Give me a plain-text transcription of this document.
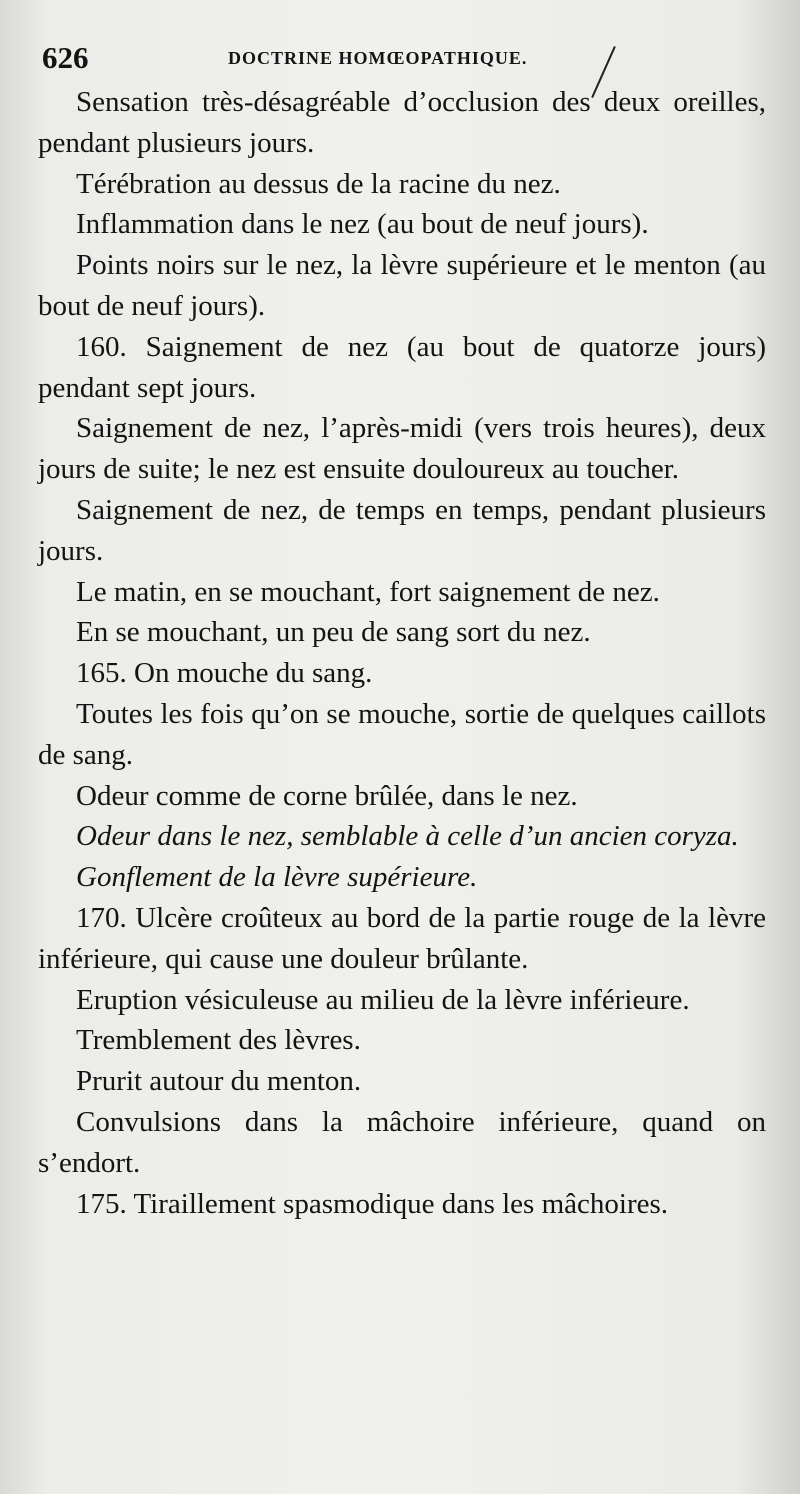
626	DOCTRINE HOMŒOPATHIQUE.

Sensation très-désagréable d’occlusion des deux oreilles, pendant plusieurs jours.

Térébration au dessus de la racine du nez.

Inflammation dans le nez (au bout de neuf jours).

Points noirs sur le nez, la lèvre supérieure et le menton (au bout de neuf jours).

160. Saignement de nez (au bout de quatorze jours) pendant sept jours.

Saignement de nez, l’après-midi (vers trois heures), deux jours de suite; le nez est ensuite douloureux au toucher.

Saignement de nez, de temps en temps, pendant plusieurs jours.

Le matin, en se mouchant, fort saignement de nez.

En se mouchant, un peu de sang sort du nez.

165. On mouche du sang.

Toutes les fois qu’on se mouche, sortie de quelques caillots de sang.

Odeur comme de corne brûlée, dans le nez.

Odeur dans le nez, semblable à celle d’un ancien coryza.

Gonflement de la lèvre supérieure.

170. Ulcère croûteux au bord de la partie rouge de la lèvre inférieure, qui cause une douleur brûlante.

Eruption vésiculeuse au milieu de la lèvre inférieure.

Tremblement des lèvres.

Prurit autour du menton.

Convulsions dans la mâchoire inférieure, quand on s’endort.

175. Tiraillement spasmodique dans les mâchoires.
